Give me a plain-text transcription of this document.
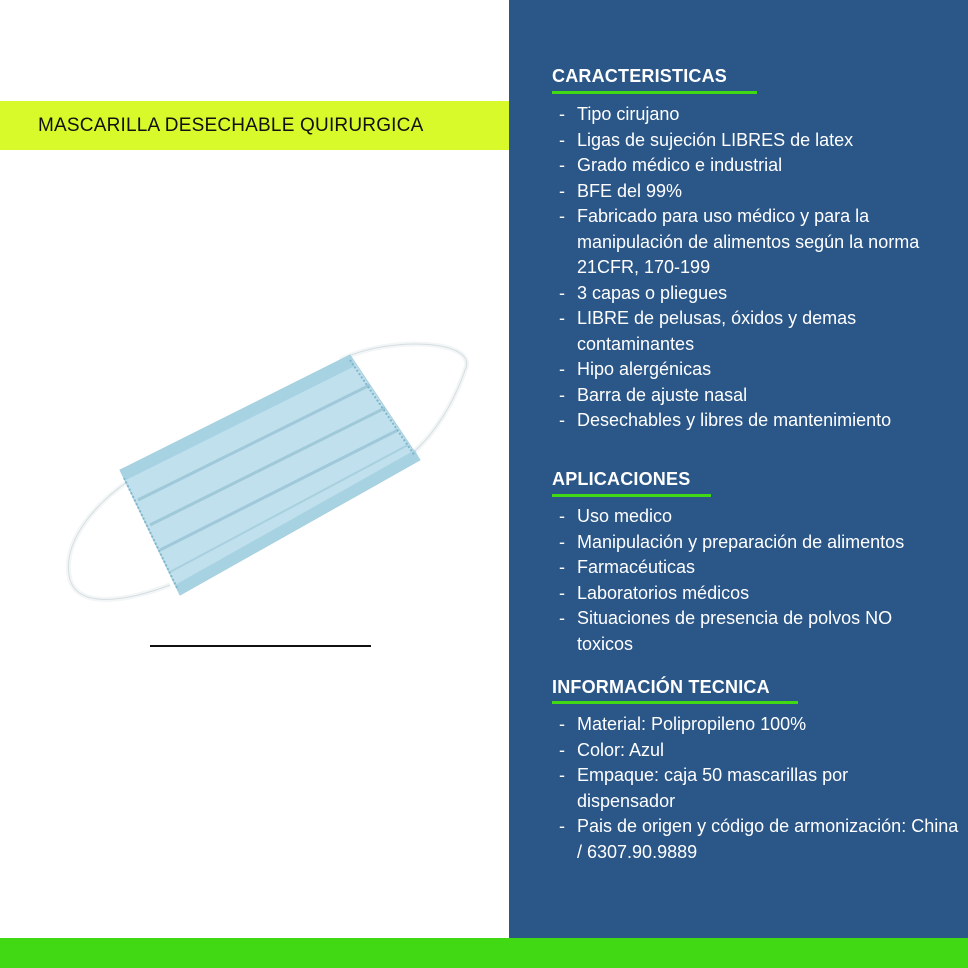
MASCARILLA DESECHABLE QUIRURGICA
CARACTERISTICAS
- Tipo cirujano
- Ligas de sujeción LIBRES de latex
- Grado médico e industrial
- BFE del 99%
- Fabricado para uso médico y para la manipulación de alimentos según la norma 21CFR, 170-199
- 3 capas o pliegues
- LIBRE de pelusas, óxidos y demas contaminantes
- Hipo alergénicas
- Barra de ajuste nasal
- Desechables y libres de mantenimiento
APLICACIONES
- Uso medico
- Manipulación y preparación de alimentos
- Farmacéuticas
- Laboratorios médicos
- Situaciones de presencia de polvos NO toxicos
INFORMACIÓN TECNICA
- Material: Polipropileno 100%
- Color: Azul
- Empaque: caja 50 mascarillas por dispensador
- Pais de origen y código de armonización: China / 6307.90.9889
